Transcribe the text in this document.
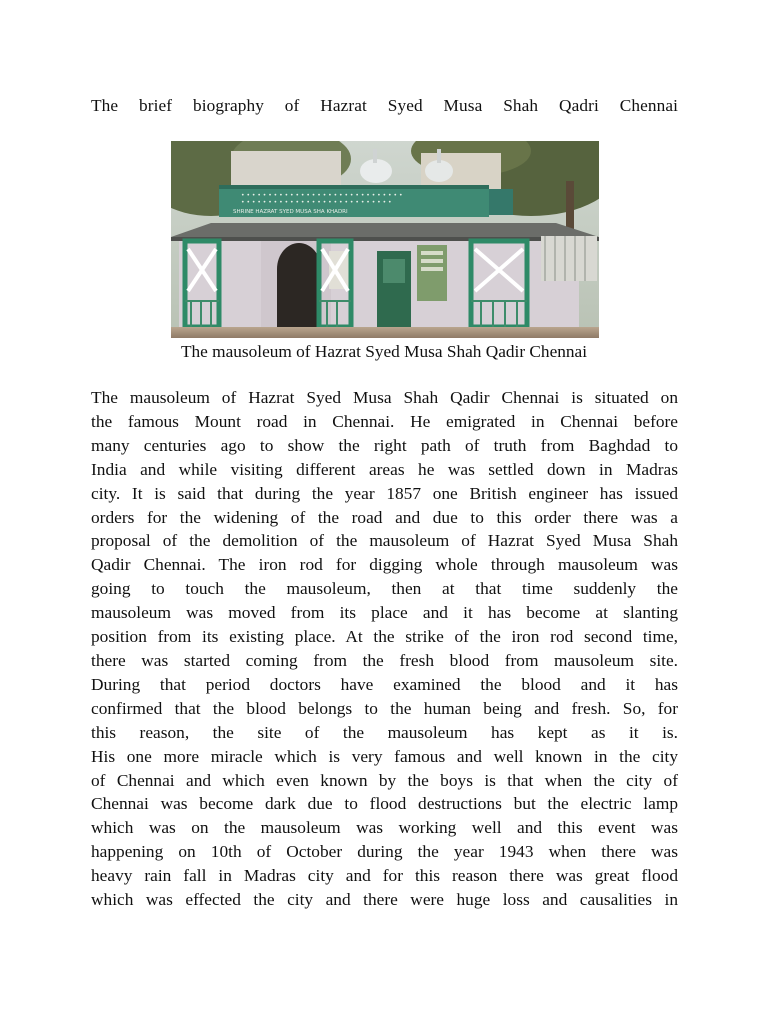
The brief biography of Hazrat Syed Musa Shah Qadri Chennai
• • • • • • • • • • • • • • • • • • • • • • • • • • • • • •
• • • • • • • • • • • • • • • • • • • • • • • • • • • •
SHRINE HAZRAT SYED MUSA SHA KHADRI
The mausoleum of Hazrat Syed Musa Shah Qadir Chennai
The mausoleum of Hazrat Syed Musa Shah Qadir Chennai is situated on
the famous Mount road in Chennai. He emigrated in Chennai before
many centuries ago to show the right path of truth from Baghdad to
India and while visiting different areas he was settled down in Madras
city. It is said that during the year 1857 one British engineer has issued
orders for the widening of the road and due to this order there was a
proposal of the demolition of the mausoleum of Hazrat Syed Musa Shah
Qadir Chennai. The iron rod for digging whole through mausoleum was
going to touch the mausoleum, then at that time suddenly the
mausoleum was moved from its place and it has become at slanting
position from its existing place. At the strike of the iron rod second time,
there was started coming from the fresh blood from mausoleum site.
During that period doctors have examined the blood and it has
confirmed that the blood belongs to the human being and fresh. So, for
this reason, the site of the mausoleum has kept as it is.
His one more miracle which is very famous and well known in the city
of Chennai and which even known by the boys is that when the city of
Chennai was become dark due to flood destructions but the electric lamp
which was on the mausoleum was working well and this event was
happening on 10th of October during the year 1943 when there was
heavy rain fall in Madras city and for this reason there was great flood
which was effected the city and there were huge loss and causalities in
